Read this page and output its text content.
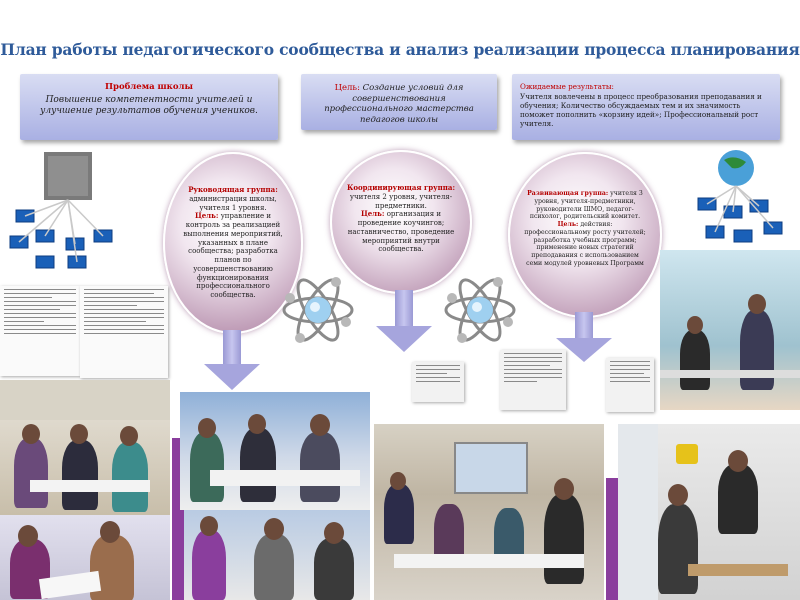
План работы педагогического сообщества и анализ реализации процесса планирования
Проблема школы
Повышение компетентности учителей и улучшение результатов обучения учеников.
Цель: Создание условий для совершенствования профессионального мастерства педагогов школы
Ожидаемые результаты:
Учителя вовлечены в процесс преобразования преподавания и обучения; Количество обсуждаемых тем и их значимость поможет пополнить «корзину идей»; Профессиональный рост учителя.
Руководящая группа:
администрация школы, учителя 1 уровня.
Цель: управление и контроль за реализацией выполнения мероприятий, указанных в плане сообщества; разработка планов по усовершенствованию функционирования профессионального сообщества.
Координирующая группа:
учителя 2 уровня, учителя-предметники.
Цель: организация и проведение коучингов; наставничество, проведение мероприятий внутри сообщества.
Развивающая группа: учителя 3 уровня, учителя-предметники, руководители ШМО, педагог-психолог, родительский комитет. Цель: действия: профессиональному росту учителей; разработка учебных программ; применение новых стратегий преподавания с использованием семи модулей уровневых Программ
